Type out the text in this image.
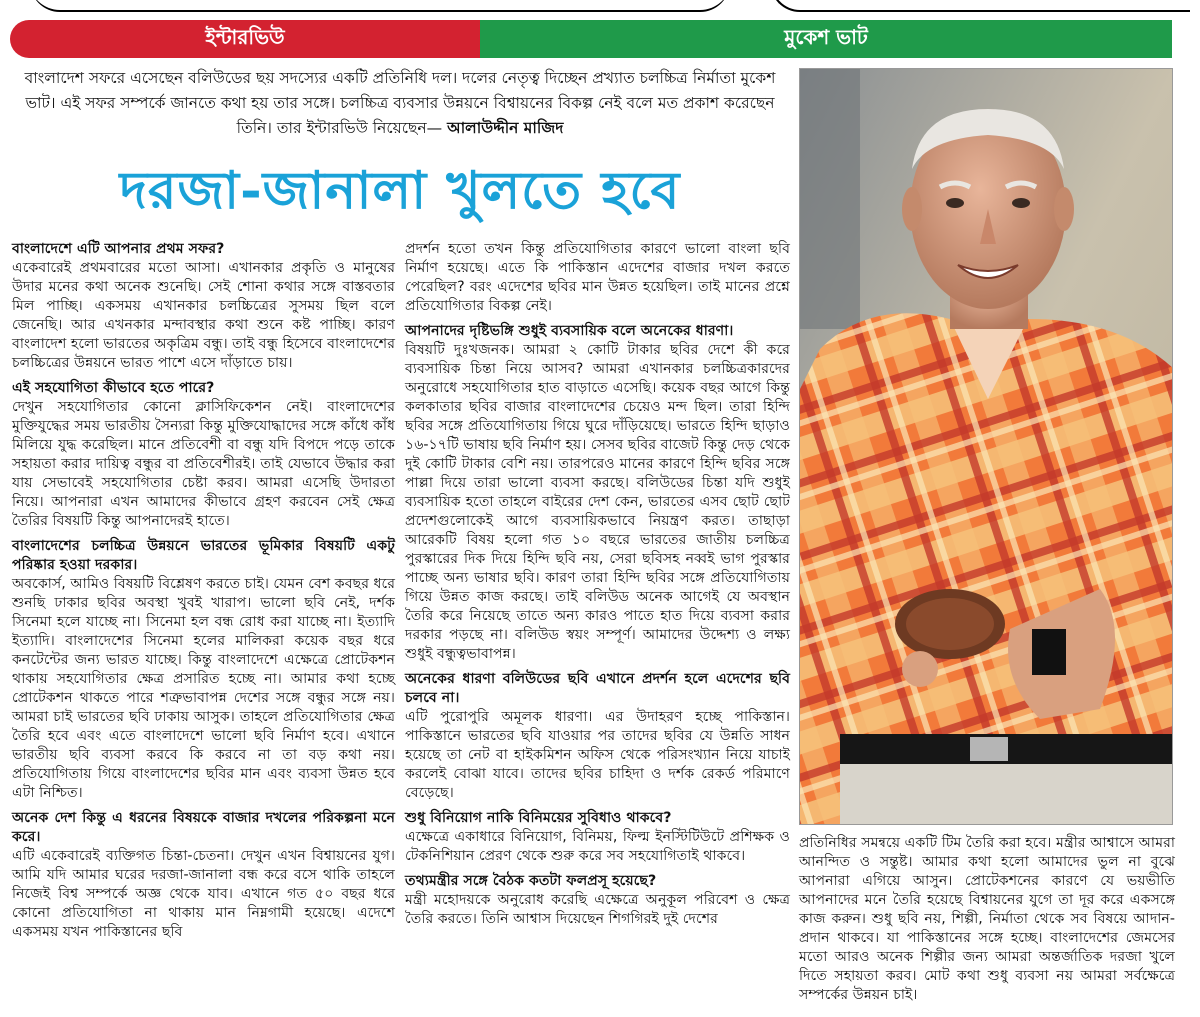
ইন্টারভিউ	মুকেশ ভাট
বাংলাদেশ সফরে এসেছেন বলিউডের ছয় সদস্যের একটি প্রতিনিধি দল। দলের নেতৃত্ব দিচ্ছেন প্রখ্যাত চলচ্চিত্র নির্মাতা মুকেশ ভাট। এই সফর সম্পর্কে জানতে কথা হয় তার সঙ্গে। চলচ্চিত্র ব্যবসার উন্নয়নে বিশ্বায়নের বিকল্প নেই বলে মত প্রকাশ করেছেন তিনি। তার ইন্টারভিউ নিয়েছেন— আলাউদ্দীন মাজিদ
দরজা-জানালা খুলতে হবে
বাংলাদেশে এটি আপনার প্রথম সফর?
একেবারেই প্রথমবারের মতো আসা। এখানকার প্রকৃতি ও মানুষের উদার মনের কথা অনেক শুনেছি। সেই শোনা কথার সঙ্গে বাস্তবতার মিল পাচ্ছি। একসময় এখানকার চলচ্চিত্রের সুসময় ছিল বলে জেনেছি। আর এখনকার মন্দাবস্থার কথা শুনে কষ্ট পাচ্ছি। কারণ বাংলাদেশ হলো ভারতের অকৃত্রিম বন্ধু। তাই বন্ধু হিসেবে বাংলাদেশের চলচ্চিত্রের উন্নয়নে ভারত পাশে এসে দাঁড়াতে চায়।
এই সহযোগিতা কীভাবে হতে পারে?
দেখুন সহযোগিতার কোনো ক্লাসিফিকেশন নেই। বাংলাদেশের মুক্তিযুদ্ধের সময় ভারতীয় সৈন্যরা কিন্তু মুক্তিযোদ্ধাদের সঙ্গে কাঁধে কাঁধ মিলিয়ে যুদ্ধ করেছিল। মানে প্রতিবেশী বা বন্ধু যদি বিপদে পড়ে তাকে সহায়তা করার দায়িত্ব বন্ধুর বা প্রতিবেশীরই। তাই যেভাবে উদ্ধার করা যায় সেভাবেই সহযোগিতার চেষ্টা করব। আমরা এসেছি উদারতা নিয়ে। আপনারা এখন আমাদের কীভাবে গ্রহণ করবেন সেই ক্ষেত্র তৈরির বিষয়টি কিন্তু আপনাদেরই হাতে।
বাংলাদেশের চলচ্চিত্র উন্নয়নে ভারতের ভূমিকার বিষয়টি একটু পরিষ্কার হওয়া দরকার।
অবকোর্স, আমিও বিষয়টি বিশ্লেষণ করতে চাই। যেমন বেশ কবছর ধরে শুনছি ঢাকার ছবির অবস্থা খুবই খারাপ। ভালো ছবি নেই, দর্শক সিনেমা হলে যাচ্ছে না। সিনেমা হল বন্ধ রোধ করা যাচ্ছে না। ইত্যাদি ইত্যাদি। বাংলাদেশের সিনেমা হলের মালিকরা কয়েক বছর ধরে কনটেন্টের জন্য ভারত যাচ্ছে। কিন্তু বাংলাদেশে এক্ষেত্রে প্রোটেকশন থাকায় সহযোগিতার ক্ষেত্র প্রসারিত হচ্ছে না। আমার কথা হচ্ছে প্রোটেকশন থাকতে পারে শত্রুভাবাপন্ন দেশের সঙ্গে বন্ধুর সঙ্গে নয়। আমরা চাই ভারতের ছবি ঢাকায় আসুক। তাহলে প্রতিযোগিতার ক্ষেত্র তৈরি হবে এবং এতে বাংলাদেশে ভালো ছবি নির্মাণ হবে। এখানে ভারতীয় ছবি ব্যবসা করবে কি করবে না তা বড় কথা নয়। প্রতিযোগিতায় গিয়ে বাংলাদেশের ছবির মান এবং ব্যবসা উন্নত হবে এটা নিশ্চিত।
অনেক দেশ কিন্তু এ ধরনের বিষয়কে বাজার দখলের পরিকল্পনা মনে করে।
এটি একেবারেই ব্যক্তিগত চিন্তা-চেতনা। দেখুন এখন বিশ্বায়নের যুগ। আমি যদি আমার ঘরের দরজা-জানালা বন্ধ করে বসে থাকি তাহলে নিজেই বিশ্ব সম্পর্কে অজ্ঞ থেকে যাব। এখানে গত ৫০ বছর ধরে কোনো প্রতিযোগিতা না থাকায় মান নিম্নগামী হয়েছে। এদেশে একসময় যখন পাকিস্তানের ছবি
প্রদর্শন হতো তখন কিন্তু প্রতিযোগিতার কারণে ভালো বাংলা ছবি নির্মাণ হয়েছে। এতে কি পাকিস্তান এদেশের বাজার দখল করতে পেরেছিল? বরং এদেশের ছবির মান উন্নত হয়েছিল। তাই মানের প্রশ্নে প্রতিযোগিতার বিকল্প নেই।
আপনাদের দৃষ্টিভঙ্গি শুধুই ব্যবসায়িক বলে অনেকের ধারণা।
বিষয়টি দুঃখজনক। আমরা ২ কোটি টাকার ছবির দেশে কী করে ব্যবসায়িক চিন্তা নিয়ে আসব? আমরা এখানকার চলচ্চিত্রকারদের অনুরোধে সহযোগিতার হাত বাড়াতে এসেছি। কয়েক বছর আগে কিন্তু কলকাতার ছবির বাজার বাংলাদেশের চেয়েও মন্দ ছিল। তারা হিন্দি ছবির সঙ্গে প্রতিযোগিতায় গিয়ে ঘুরে দাঁড়িয়েছে। ভারতে হিন্দি ছাড়াও ১৬-১৭টি ভাষায় ছবি নির্মাণ হয়। সেসব ছবির বাজেট কিন্তু দেড় থেকে দুই কোটি টাকার বেশি নয়। তারপরেও মানের কারণে হিন্দি ছবির সঙ্গে পাল্লা দিয়ে তারা ভালো ব্যবসা করছে। বলিউডের চিন্তা যদি শুধুই ব্যবসায়িক হতো তাহলে বাইরের দেশ কেন, ভারতের এসব ছোট ছোট প্রদেশগুলোকেই আগে ব্যবসায়িকভাবে নিয়ন্ত্রণ করত। তাছাড়া আরেকটি বিষয় হলো গত ১০ বছরে ভারতের জাতীয় চলচ্চিত্র পুরস্কারের দিক দিয়ে হিন্দি ছবি নয়, সেরা ছবিসহ নব্বই ভাগ পুরস্কার পাচ্ছে অন্য ভাষার ছবি। কারণ তারা হিন্দি ছবির সঙ্গে প্রতিযোগিতায় গিয়ে উন্নত কাজ করছে। তাই বলিউড অনেক আগেই যে অবস্থান তৈরি করে নিয়েছে তাতে অন্য কারও পাতে হাত দিয়ে ব্যবসা করার দরকার পড়ছে না। বলিউড স্বয়ং সম্পূর্ণ। আমাদের উদ্দেশ্য ও লক্ষ্য শুধুই বন্ধুত্বভাবাপন্ন।
অনেকের ধারণা বলিউডের ছবি এখানে প্রদর্শন হলে এদেশের ছবি চলবে না।
এটি পুরোপুরি অমূলক ধারণা। এর উদাহরণ হচ্ছে পাকিস্তান। পাকিস্তানে ভারতের ছবি যাওয়ার পর তাদের ছবির যে উন্নতি সাধন হয়েছে তা নেট বা হাইকমিশন অফিস থেকে পরিসংখ্যান নিয়ে যাচাই করলেই বোঝা যাবে। তাদের ছবির চাহিদা ও দর্শক রেকর্ড পরিমাণে বেড়েছে।
শুধু বিনিয়োগ নাকি বিনিময়ের সুবিধাও থাকবে?
এক্ষেত্রে একাধারে বিনিয়োগ, বিনিময়, ফিল্ম ইনস্টিটিউটে প্রশিক্ষক ও টেকনিশিয়ান প্রেরণ থেকে শুরু করে সব সহযোগিতাই থাকবে।
তথ্যমন্ত্রীর সঙ্গে বৈঠক কতটা ফলপ্রসূ হয়েছে?
মন্ত্রী মহোদয়কে অনুরোধ করেছি এক্ষেত্রে অনুকূল পরিবেশ ও ক্ষেত্র তৈরি করতে। তিনি আশ্বাস দিয়েছেন শিগগিরই দুই দেশের
প্রতিনিধির সমন্বয়ে একটি টিম তৈরি করা হবে। মন্ত্রীর আশ্বাসে আমরা আনন্দিত ও সন্তুষ্ট। আমার কথা হলো আমাদের ভুল না বুঝে আপনারা এগিয়ে আসুন। প্রোটেকশনের কারণে যে ভয়ভীতি আপনাদের মনে তৈরি হয়েছে বিশ্বায়নের যুগে তা দূর করে একসঙ্গে কাজ করুন। শুধু ছবি নয়, শিল্পী, নির্মাতা থেকে সব বিষয়ে আদান-প্রদান থাকবে। যা পাকিস্তানের সঙ্গে হচ্ছে। বাংলাদেশের জেমসের মতো আরও অনেক শিল্পীর জন্য আমরা অন্তর্জাতিক দরজা খুলে দিতে সহায়তা করব। মোট কথা শুধু ব্যবসা নয় আমরা সর্বক্ষেত্রে সম্পর্কের উন্নয়ন চাই।
